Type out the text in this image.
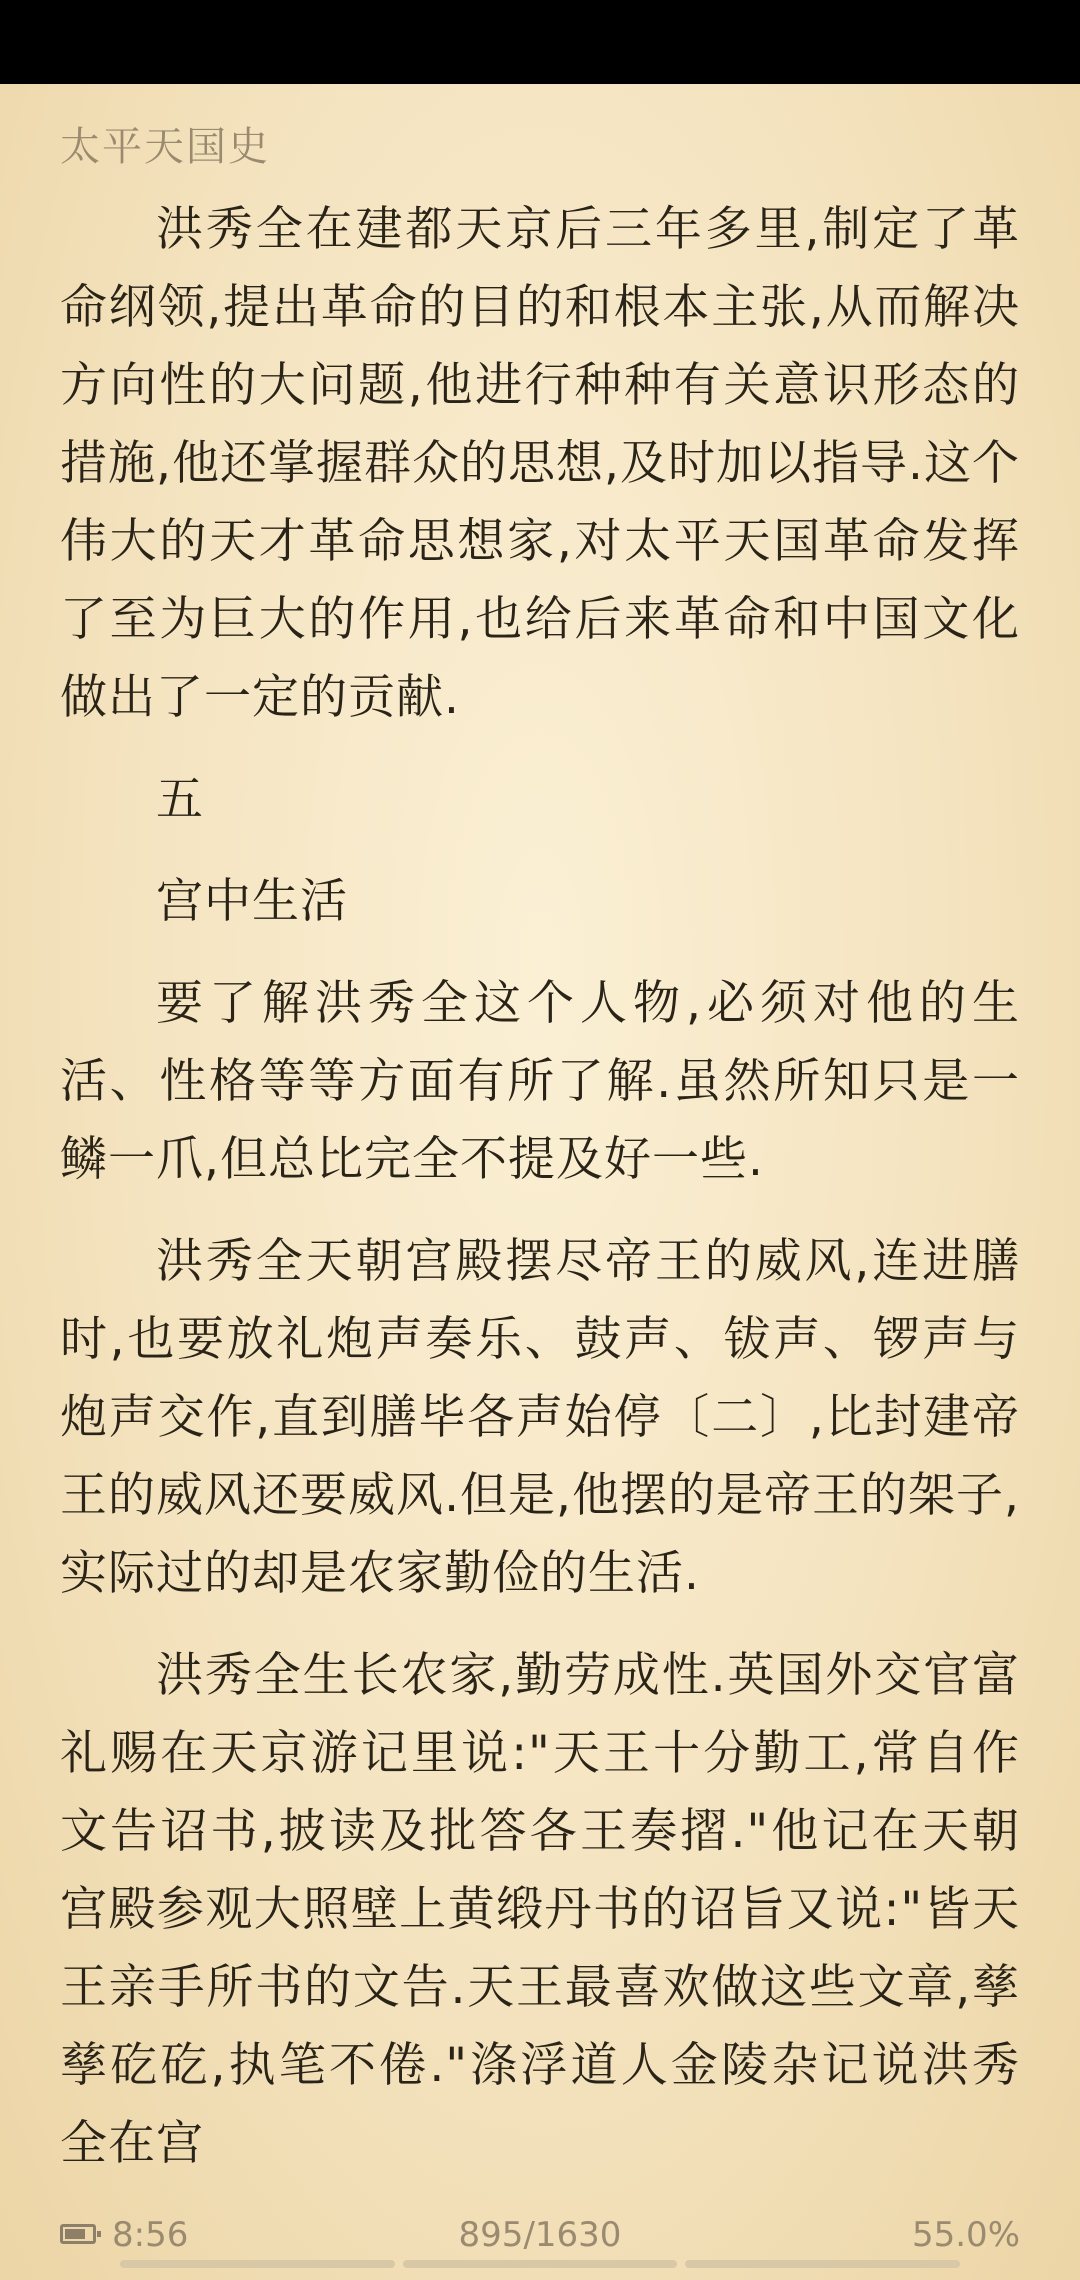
太平天国史

洪秀全在建都天京后三年多里,制定了革命纲领,提出革命的目的和根本主张,从而解决方向性的大问题,他进行种种有关意识形态的措施,他还掌握群众的思想,及时加以指导.这个伟大的天才革命思想家,对太平天国革命发挥了至为巨大的作用,也给后来革命和中国文化做出了一定的贡献.

五

宫中生活

要了解洪秀全这个人物,必须对他的生活、性格等等方面有所了解.虽然所知只是一鳞一爪,但总比完全不提及好一些.

洪秀全天朝宫殿摆尽帝王的威风,连进膳时,也要放礼炮声奏乐、鼓声、钹声、锣声与炮声交作,直到膳毕各声始停〔二〕,比封建帝王的威风还要威风.但是,他摆的是帝王的架子,实际过的却是农家勤俭的生活.

洪秀全生长农家,勤劳成性.英国外交官富礼赐在天京游记里说:"天王十分勤工,常自作文告诏书,披读及批答各王奏摺."他记在天朝宫殿参观大照壁上黄缎丹书的诏旨又说:"皆天王亲手所书的文告.天王最喜欢做这些文章,孳孳矻矻,执笔不倦."涤浮道人金陵杂记说洪秀全在宫

8:56	895/1630	55.0%
